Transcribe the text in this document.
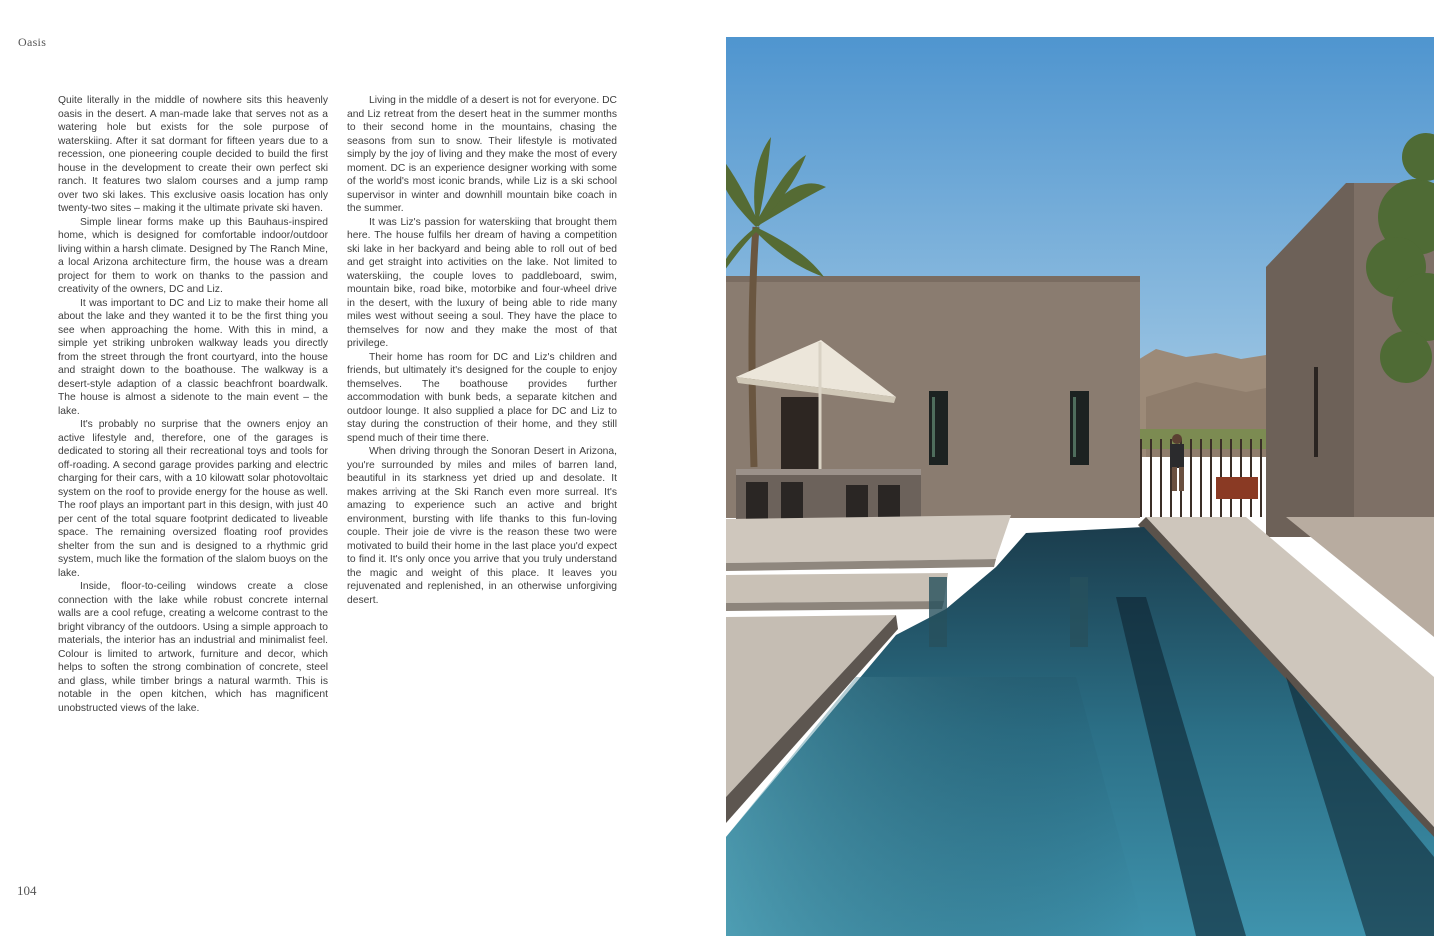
Oasis

Quite literally in the middle of nowhere sits this heavenly oasis in the desert. A man-made lake that serves not as a watering hole but exists for the sole purpose of waterskiing. After it sat dormant for fifteen years due to a recession, one pioneering couple decided to build the first house in the development to create their own perfect ski ranch. It features two slalom courses and a jump ramp over two ski lakes. This exclusive oasis location has only twenty-two sites – making it the ultimate private ski haven.

Simple linear forms make up this Bauhaus-inspired home, which is designed for comfortable indoor/outdoor living within a harsh climate. Designed by The Ranch Mine, a local Arizona architecture firm, the house was a dream project for them to work on thanks to the passion and creativity of the owners, DC and Liz.

It was important to DC and Liz to make their home all about the lake and they wanted it to be the first thing you see when approaching the home. With this in mind, a simple yet striking unbroken walkway leads you directly from the street through the front courtyard, into the house and straight down to the boathouse. The walkway is a desert-style adaption of a classic beachfront boardwalk. The house is almost a sidenote to the main event – the lake.

It's probably no surprise that the owners enjoy an active lifestyle and, therefore, one of the garages is dedicated to storing all their recreational toys and tools for off-roading. A second garage provides parking and electric charging for their cars, with a 10 kilowatt solar photovoltaic system on the roof to provide energy for the house as well. The roof plays an important part in this design, with just 40 per cent of the total square footprint dedicated to liveable space. The remaining oversized floating roof provides shelter from the sun and is designed to a rhythmic grid system, much like the formation of the slalom buoys on the lake.

Inside, floor-to-ceiling windows create a close connection with the lake while robust concrete internal walls are a cool refuge, creating a welcome contrast to the bright vibrancy of the outdoors. Using a simple approach to materials, the interior has an industrial and minimalist feel. Colour is limited to artwork, furniture and decor, which helps to soften the strong combination of concrete, steel and glass, while timber brings a natural warmth. This is notable in the open kitchen, which has magnificent unobstructed views of the lake.

Living in the middle of a desert is not for everyone. DC and Liz retreat from the desert heat in the summer months to their second home in the mountains, chasing the seasons from sun to snow. Their lifestyle is motivated simply by the joy of living and they make the most of every moment. DC is an experience designer working with some of the world's most iconic brands, while Liz is a ski school supervisor in winter and downhill mountain bike coach in the summer.

It was Liz's passion for waterskiing that brought them here. The house fulfils her dream of having a competition ski lake in her backyard and being able to roll out of bed and get straight into activities on the lake. Not limited to waterskiing, the couple loves to paddleboard, swim, mountain bike, road bike, motorbike and four-wheel drive in the desert, with the luxury of being able to ride many miles west without seeing a soul. They have the place to themselves for now and they make the most of that privilege.

Their home has room for DC and Liz's children and friends, but ultimately it's designed for the couple to enjoy themselves. The boathouse provides further accommodation with bunk beds, a separate kitchen and outdoor lounge. It also supplied a place for DC and Liz to stay during the construction of their home, and they still spend much of their time there.

When driving through the Sonoran Desert in Arizona, you're surrounded by miles and miles of barren land, beautiful in its starkness yet dried up and desolate. It makes arriving at the Ski Ranch even more surreal. It's amazing to experience such an active and bright environment, bursting with life thanks to this fun-loving couple. Their joie de vivre is the reason these two were motivated to build their home in the last place you'd expect to find it. It's only once you arrive that you truly understand the magic and weight of this place. It leaves you rejuvenated and replenished, in an otherwise unforgiving desert.

104
